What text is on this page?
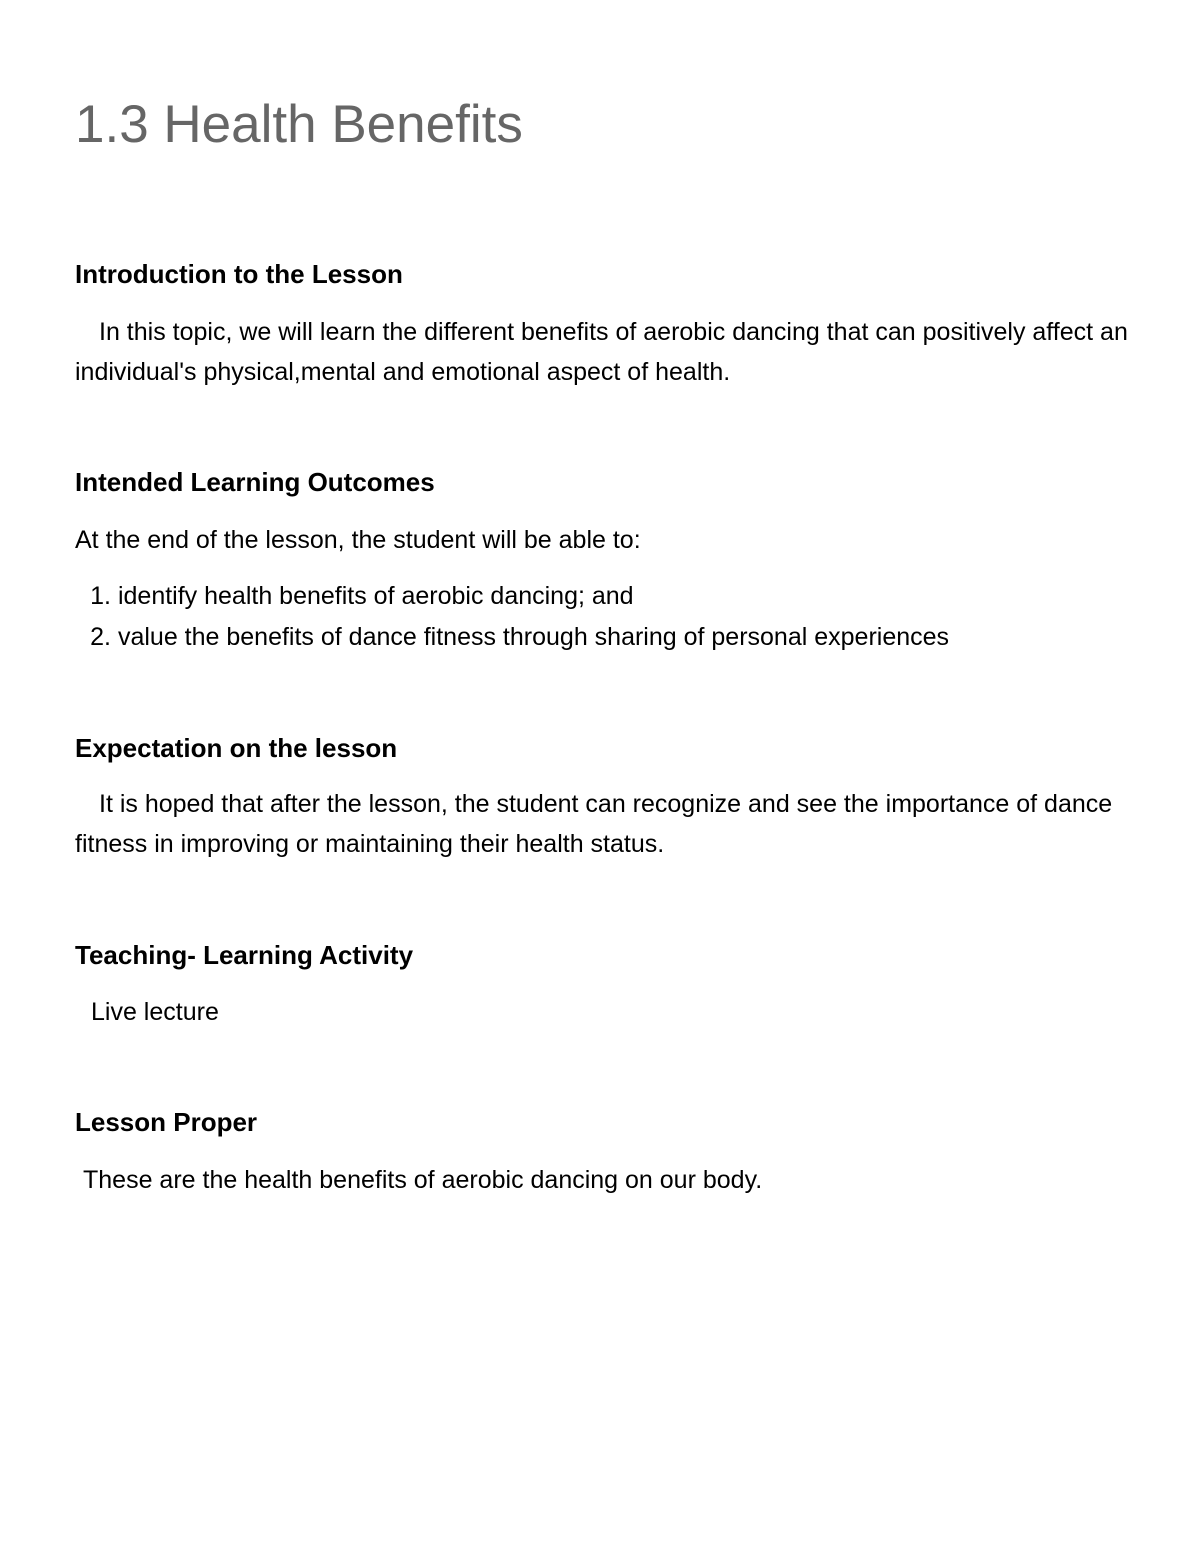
1.3 Health Benefits
Introduction to the Lesson

In this topic, we will learn the different benefits of aerobic dancing that can positively affect an individual's physical,mental and emotional aspect of health.

Intended Learning Outcomes

At the end of the lesson, the student will be able to:

1. identify health benefits of aerobic dancing; and
2. value the benefits of dance fitness through sharing of personal experiences
Expectation on the lesson

It is hoped that after the lesson, the student can recognize and see the importance of dance fitness in improving or maintaining their health status.

Teaching- Learning Activity

Live lecture

Lesson Proper

These are the health benefits of aerobic dancing on our body.
